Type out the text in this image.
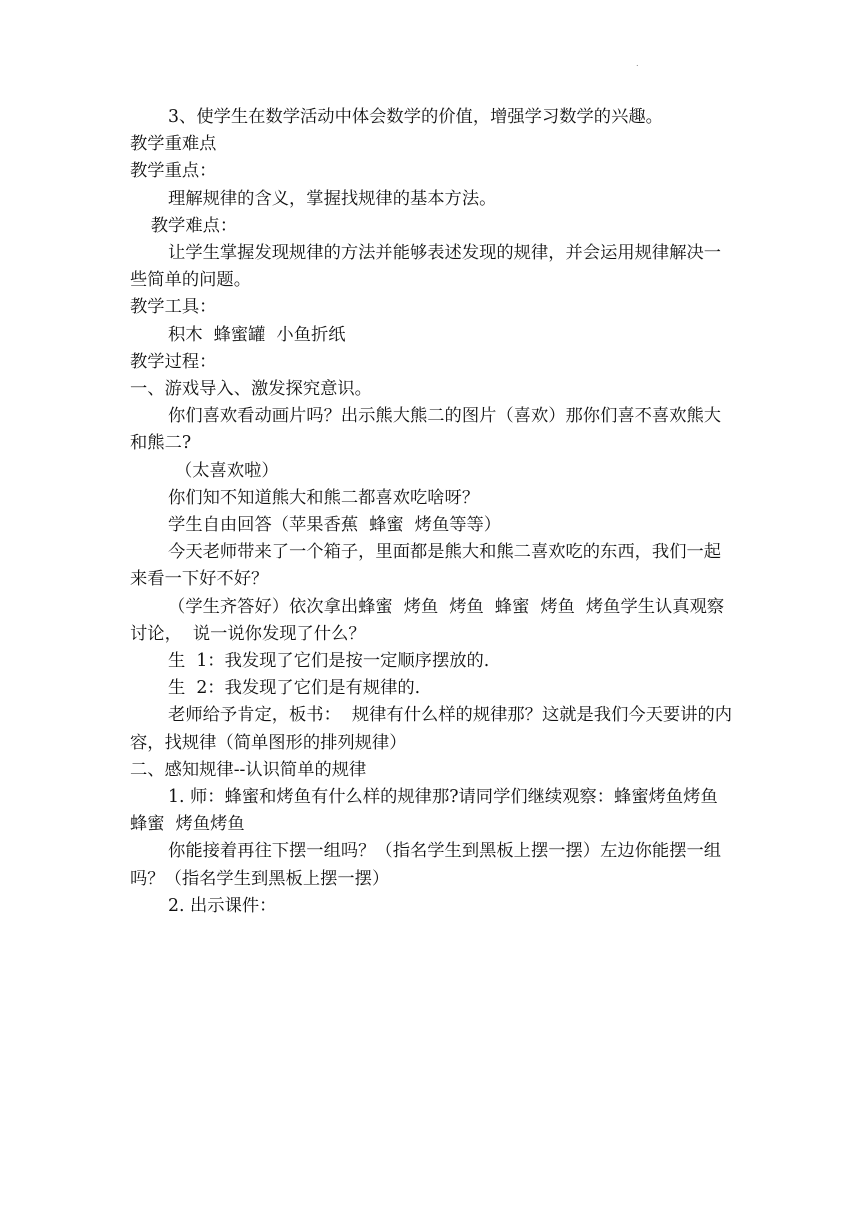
.

3、使学生在数学活动中体会数学的价值，增强学习数学的兴趣。

教学重难点

教学重点：

理解规律的含义，掌握找规律的基本方法。

教学难点：

让学生掌握发现规律的方法并能够表述发现的规律，并会运用规律解决一些简单的问题。

教学工具：

积木  蜂蜜罐  小鱼折纸

教学过程：

一、游戏导入、激发探究意识。

你们喜欢看动画片吗？出示熊大熊二的图片（喜欢）那你们喜不喜欢熊大和熊二?

（太喜欢啦）

你们知不知道熊大和熊二都喜欢吃啥呀？

学生自由回答（苹果香蕉  蜂蜜  烤鱼等等）

今天老师带来了一个箱子，里面都是熊大和熊二喜欢吃的东西，我们一起来看一下好不好？

（学生齐答好）依次拿出蜂蜜  烤鱼  烤鱼  蜂蜜  烤鱼  烤鱼学生认真观察讨论，  说一说你发现了什么？

生  1：我发现了它们是按一定顺序摆放的.

生  2：我发现了它们是有规律的.

老师给予肯定，板书：  规律有什么样的规律那？这就是我们今天要讲的内容，找规律（简单图形的排列规律）

二、感知规律--认识简单的规律

1. 师：蜂蜜和烤鱼有什么样的规律那?请同学们继续观察：蜂蜜烤鱼烤鱼  蜂蜜  烤鱼烤鱼

你能接着再往下摆一组吗？（指名学生到黑板上摆一摆）左边你能摆一组吗？（指名学生到黑板上摆一摆）

2. 出示课件：
